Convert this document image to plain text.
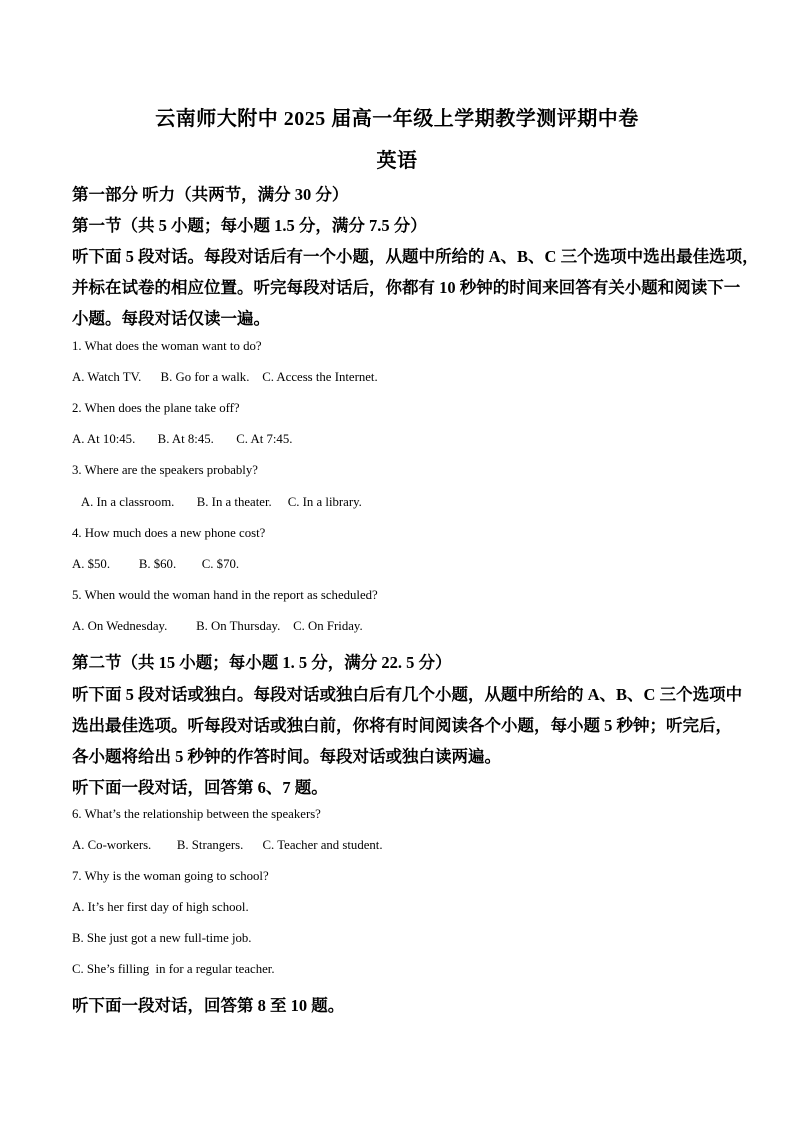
云南师大附中 2025 届高一年级上学期教学测评期中卷
英语
第一部分 听力（共两节，满分 30 分）
第一节（共 5 小题；每小题 1.5 分，满分 7.5 分）
听下面 5 段对话。每段对话后有一个小题，从题中所给的 A、B、C 三个选项中选出最佳选项，
并标在试卷的相应位置。听完每段对话后，你都有 10 秒钟的时间来回答有关小题和阅读下一
小题。每段对话仅读一遍。
1. What does the woman want to do?
A. Watch TV.      B. Go for a walk.    C. Access the Internet.
2. When does the plane take off?
A. At 10:45.       B. At 8:45.       C. At 7:45.
3. Where are the speakers probably?
A. In a classroom.       B. In a theater.     C. In a library.
4. How much does a new phone cost?
A. $50.         B. $60.        C. $70.
5. When would the woman hand in the report as scheduled?
A. On Wednesday.         B. On Thursday.    C. On Friday.
第二节（共 15 小题；每小题 1. 5 分，满分 22. 5 分）
听下面 5 段对话或独白。每段对话或独白后有几个小题，从题中所给的 A、B、C 三个选项中
选出最佳选项。听每段对话或独白前，你将有时间阅读各个小题，每小题 5 秒钟；听完后，
各小题将给出 5 秒钟的作答时间。每段对话或独白读两遍。
听下面一段对话，回答第 6、7 题。
6. What’s the relationship between the speakers?
A. Co-workers.        B. Strangers.      C. Teacher and student.
7. Why is the woman going to school?
A. It’s her first day of high school.
B. She just got a new full-time job.
C. She’s filling  in for a regular teacher.
听下面一段对话，回答第 8 至 10 题。
